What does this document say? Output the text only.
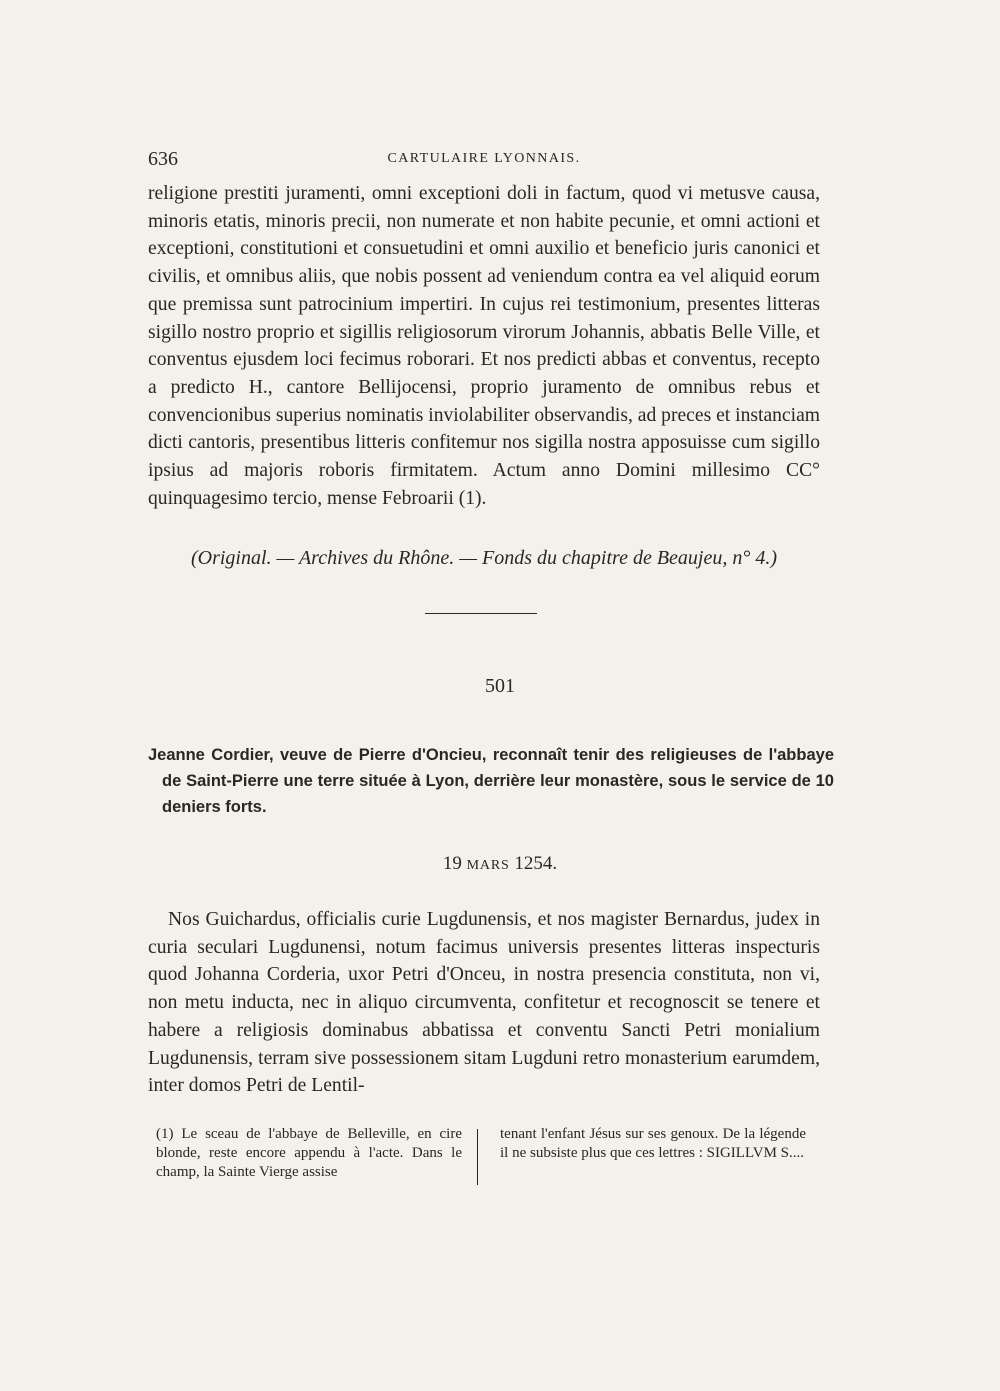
636	CARTULAIRE LYONNAIS.

religione prestiti juramenti, omni exceptioni doli in factum, quod vi metusve causa, minoris etatis, minoris precii, non numerate et non habite pecunie, et omni actioni et exceptioni, constitutioni et consuetudini et omni auxilio et beneficio juris canonici et civilis, et omnibus aliis, que nobis possent ad veniendum contra ea vel aliquid eorum que premissa sunt patrocinium impertiri. In cujus rei testimonium, presentes litteras sigillo nostro proprio et sigillis religiosorum virorum Johannis, abbatis Belle Ville, et conventus ejusdem loci fecimus roborari. Et nos predicti abbas et conventus, recepto a predicto H., cantore Bellijocensi, proprio juramento de omnibus rebus et convencionibus superius nominatis inviolabiliter observandis, ad preces et instanciam dicti cantoris, presentibus litteris confitemur nos sigilla nostra apposuisse cum sigillo ipsius ad majoris roboris firmitatem. Actum anno Domini millesimo CC° quinquagesimo tercio, mense Febroarii (1).

(Original. — Archives du Rhône. — Fonds du chapitre de Beaujeu, n° 4.)
501

Jeanne Cordier, veuve de Pierre d'Oncieu, reconnaît tenir des religieuses de l'abbaye de Saint-Pierre une terre située à Lyon, derrière leur monastère, sous le service de 10 deniers forts.

19 MARS 1254.

Nos Guichardus, officialis curie Lugdunensis, et nos magister Bernardus, judex in curia seculari Lugdunensi, notum facimus universis presentes litteras inspecturis quod Johanna Corderia, uxor Petri d'Onceu, in nostra presencia constituta, non vi, non metu inducta, nec in aliquo circumventa, confitetur et recognoscit se tenere et habere a religiosis dominabus abbatissa et conventu Sancti Petri monialium Lugdunensis, terram sive possessionem sitam Lugduni retro monasterium earumdem, inter domos Petri de Lentil-

(1) Le sceau de l'abbaye de Belleville, en cire blonde, reste encore appendu à l'acte. Dans le champ, la Sainte Vierge assise

tenant l'enfant Jésus sur ses genoux. De la légende il ne subsiste plus que ces lettres : SIGILLVM S....
